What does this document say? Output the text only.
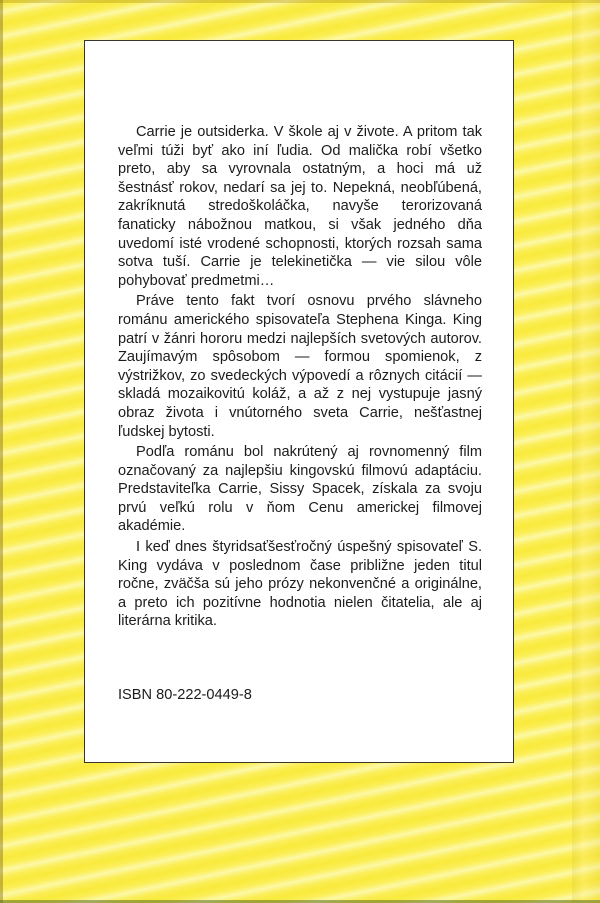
Carrie je outsiderka. V škole aj v živote. A pritom tak veľmi túži byť ako iní ľudia. Od malička robí všetko preto, aby sa vyrovnala ostatným, a hoci má už šestnásť rokov, nedarí sa jej to. Nepekná, neobľúbená, zakríknutá stredoškoláčka, navyše terorizovaná fanaticky nábožnou matkou, si však jedného dňa uvedomí isté vrodené schopnosti, ktorých rozsah sama sotva tuší. Carrie je telekinetička — vie silou vôle pohybovať predmetmi…

Práve tento fakt tvorí osnovu prvého slávneho románu amerického spisovateľa Stephena Kinga. King patrí v žánri hororu medzi najlepších svetových autorov. Zaujímavým spôsobom — formou spomienok, z výstrižkov, zo svedeckých výpovedí a rôznych citácií — skladá mozaikovitú koláž, a až z nej vystupuje jasný obraz života i vnútorného sveta Carrie, nešťastnej ľudskej bytosti.

Podľa románu bol nakrútený aj rovnomenný film označovaný za najlepšiu kingovskú filmovú adaptáciu. Predstaviteľka Carrie, Sissy Spacek, získala za svoju prvú veľkú rolu v ňom Cenu americkej filmovej akadémie.

I keď dnes štyridsaťšesťročný úspešný spisovateľ S. King vydáva v poslednom čase približne jeden titul ročne, zväčša sú jeho prózy nekonvenčné a originálne, a preto ich pozitívne hodnotia nielen čitatelia, ale aj literárna kritika.

ISBN 80-222-0449-8
